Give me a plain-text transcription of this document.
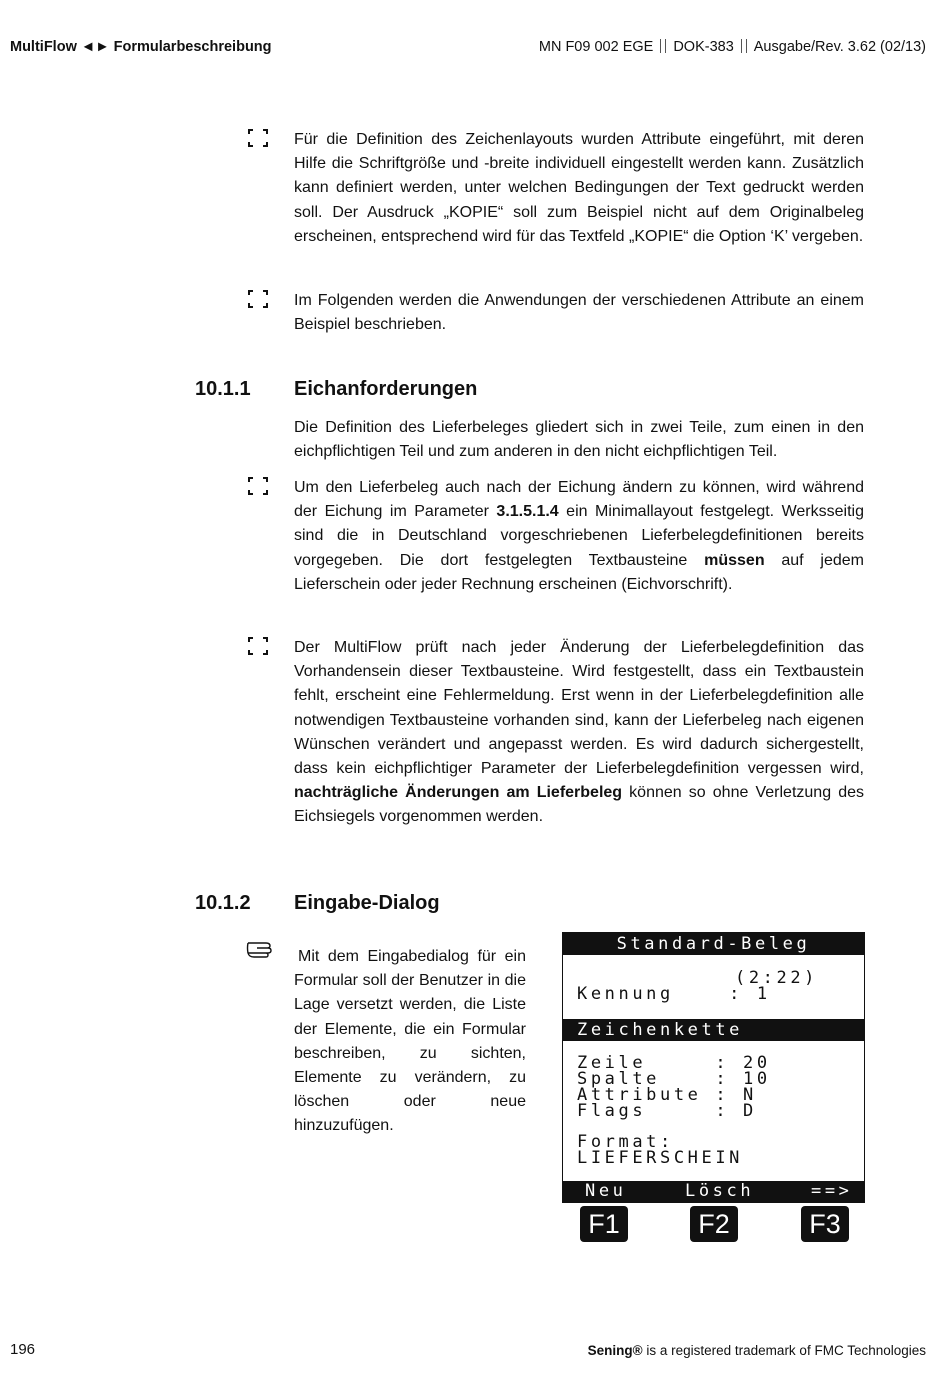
MultiFlow ◄► Formularbeschreibung	MN F09 002 EGE DOK-383 Ausgabe/Rev. 3.62 (02/13)
Für die Definition des Zeichenlayouts wurden Attribute eingeführt, mit deren Hilfe die Schriftgröße und -breite individuell eingestellt werden kann. Zusätzlich kann definiert werden, unter welchen Bedingungen der Text gedruckt werden soll. Der Ausdruck „KOPIE“ soll zum Beispiel nicht auf dem Originalbeleg erscheinen, entsprechend wird für das Textfeld „KOPIE“ die Option ‘K’ vergeben.
Im Folgenden werden die Anwendungen der verschiedenen Attribute an einem Beispiel beschrieben.
10.1.1 Eichanforderungen
Die Definition des Lieferbeleges gliedert sich in zwei Teile, zum einen in den eichpflichtigen Teil und zum anderen in den nicht eichpflichtigen Teil.
Um den Lieferbeleg auch nach der Eichung ändern zu können, wird während der Eichung im Parameter 3.1.5.1.4 ein Minimallayout festgelegt. Werksseitig sind die in Deutschland vorgeschriebenen Lieferbelegdefinitionen bereits vorgegeben. Die dort festgelegten Textbausteine müssen auf jedem Lieferschein oder jeder Rechnung erscheinen (Eichvorschrift).
Der MultiFlow prüft nach jeder Änderung der Lieferbelegdefinition das Vorhandensein dieser Textbausteine. Wird festgestellt, dass ein Textbaustein fehlt, erscheint eine Fehlermeldung. Erst wenn in der Lieferbelegdefinition alle notwendigen Textbausteine vorhanden sind, kann der Lieferbeleg nach eigenen Wünschen verändert und angepasst werden. Es wird dadurch sichergestellt, dass kein eichpflichtiger Parameter der Lieferbelegdefinition vergessen wird, nachträgliche Änderungen am Lieferbeleg können so ohne Verletzung des Eichsiegels vorgenommen werden.
10.1.2 Eingabe-Dialog
Mit dem Eingabedialog für ein Formular soll der Benutzer in die Lage versetzt werden, die Liste der Elemente, die ein Formular beschreiben, zu sichten, Elemente zu verändern, zu löschen oder neue hinzuzufügen.
Standard-Beleg
(2:22)
Kennung    : 1
Zeichenkette
Zeile     : 20
Spalte    : 10
Attribute : N
Flags     : D
Format:
LIEFERSCHEIN
Neu	Lösch	==>
F1	F2	F3
196	Sening® is a registered trademark of FMC Technologies
